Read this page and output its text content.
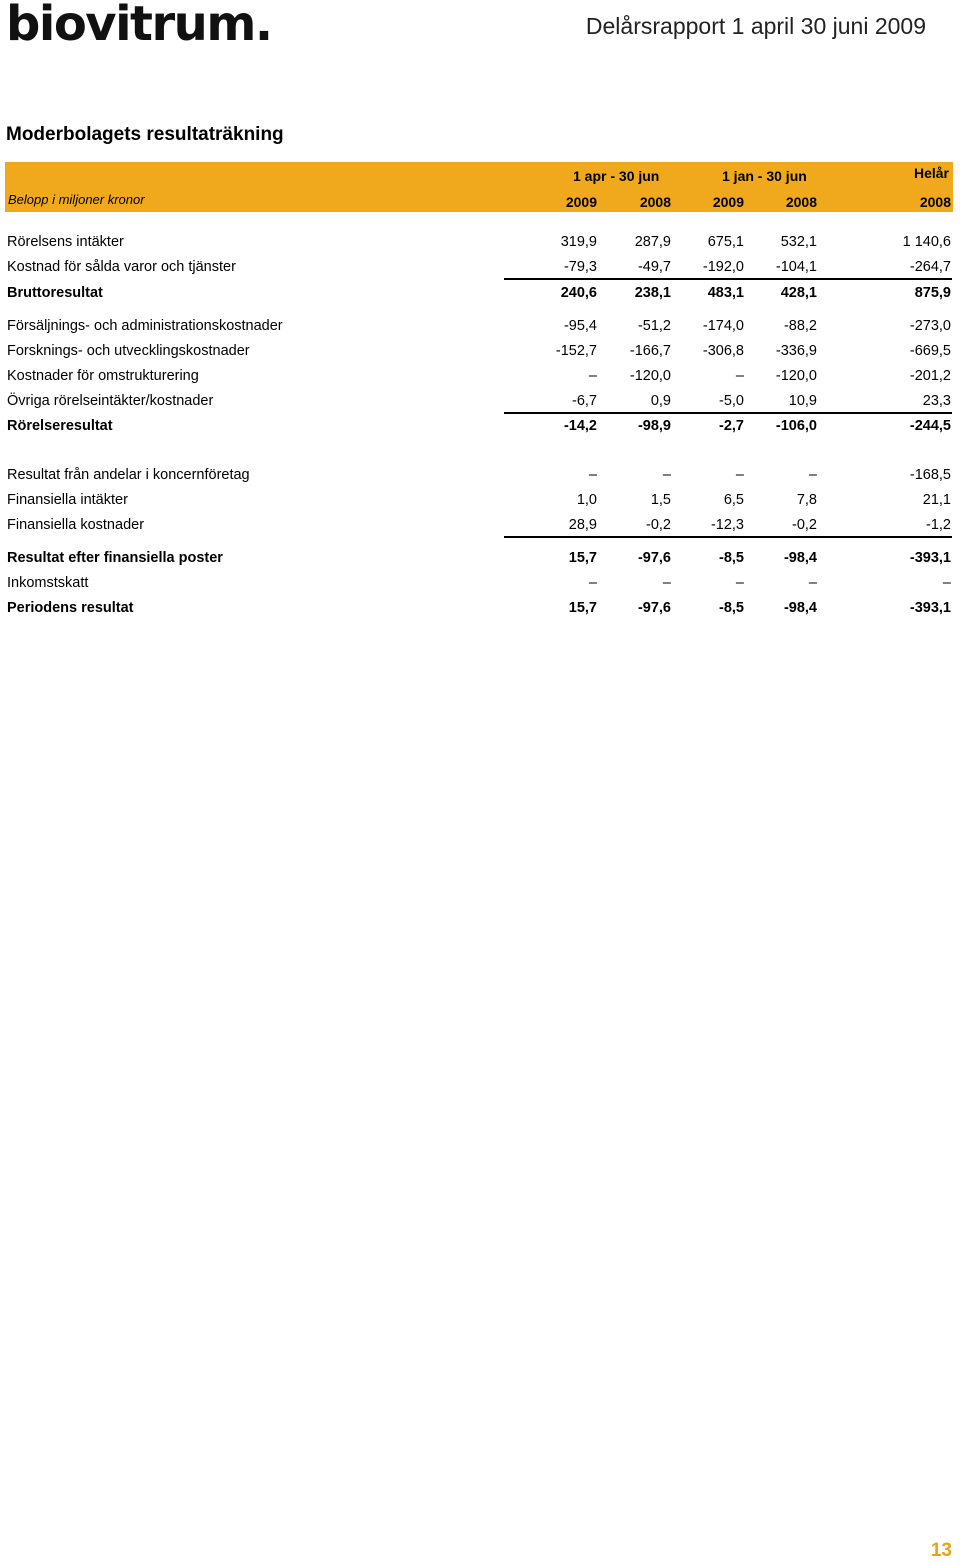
biovitrum.	Delårsrapport 1 april 30 juni 2009
Moderbolagets resultaträkning
1 apr - 30 jun	1 jan - 30 jun	Helår
Belopp i miljoner kronor	2009	2008	2009	2008	2008
Rörelsens intäkter	319,9	287,9	675,1	532,1	1 140,6
Kostnad för sålda varor och tjänster	-79,3	-49,7	-192,0	-104,1	-264,7
Bruttoresultat	240,6	238,1	483,1	428,1	875,9
Försäljnings- och administrationskostnader	-95,4	-51,2	-174,0	-88,2	-273,0
Forsknings- och utvecklingskostnader	-152,7	-166,7	-306,8	-336,9	-669,5
Kostnader för omstrukturering	–	-120,0	–	-120,0	-201,2
Övriga rörelseintäkter/kostnader	-6,7	0,9	-5,0	10,9	23,3
Rörelseresultat	-14,2	-98,9	-2,7	-106,0	-244,5
Resultat från andelar i koncernföretag	–	–	–	–	-168,5
Finansiella intäkter	1,0	1,5	6,5	7,8	21,1
Finansiella kostnader	28,9	-0,2	-12,3	-0,2	-1,2
Resultat efter finansiella poster	15,7	-97,6	-8,5	-98,4	-393,1
Inkomstskatt	–	–	–	–	–
Periodens resultat	15,7	-97,6	-8,5	-98,4	-393,1
13
